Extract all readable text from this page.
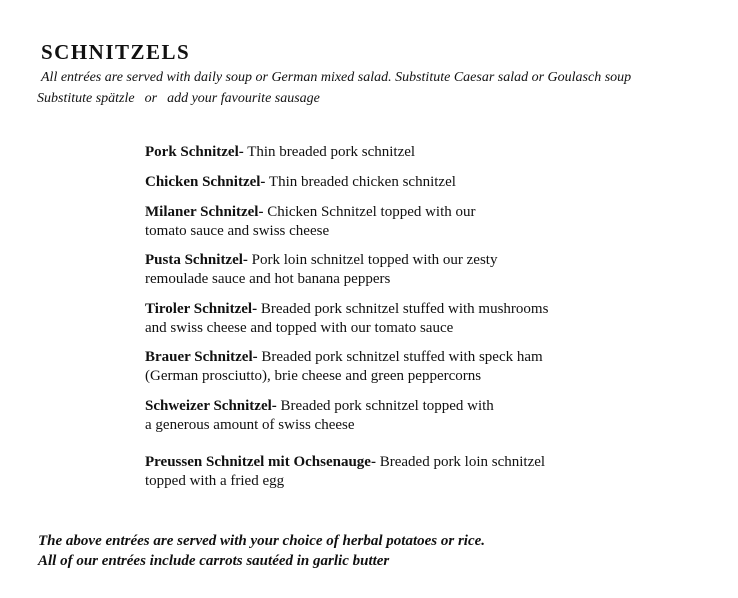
SCHNITZELS

All entrées are served with daily soup or German mixed salad. Substitute Caesar salad or Goulasch soup

Substitute spätzle or add your favourite sausage

Pork Schnitzel- Thin breaded pork schnitzel
Chicken Schnitzel- Thin breaded chicken schnitzel
Milaner Schnitzel- Chicken Schnitzel topped with our
tomato sauce and swiss cheese
Pusta Schnitzel- Pork loin schnitzel topped with our zesty
remoulade sauce and hot banana peppers
Tiroler Schnitzel- Breaded pork schnitzel stuffed with mushrooms
and swiss cheese and topped with our tomato sauce
Brauer Schnitzel- Breaded pork schnitzel stuffed with speck ham
(German prosciutto), brie cheese and green peppercorns
Schweizer Schnitzel- Breaded pork schnitzel topped with
a generous amount of swiss cheese
Preussen Schnitzel mit Ochsenauge- Breaded pork loin schnitzel
topped with a fried egg
The above entrées are served with your choice of herbal potatoes or rice.
All of our entrées include carrots sautéed in garlic butter
